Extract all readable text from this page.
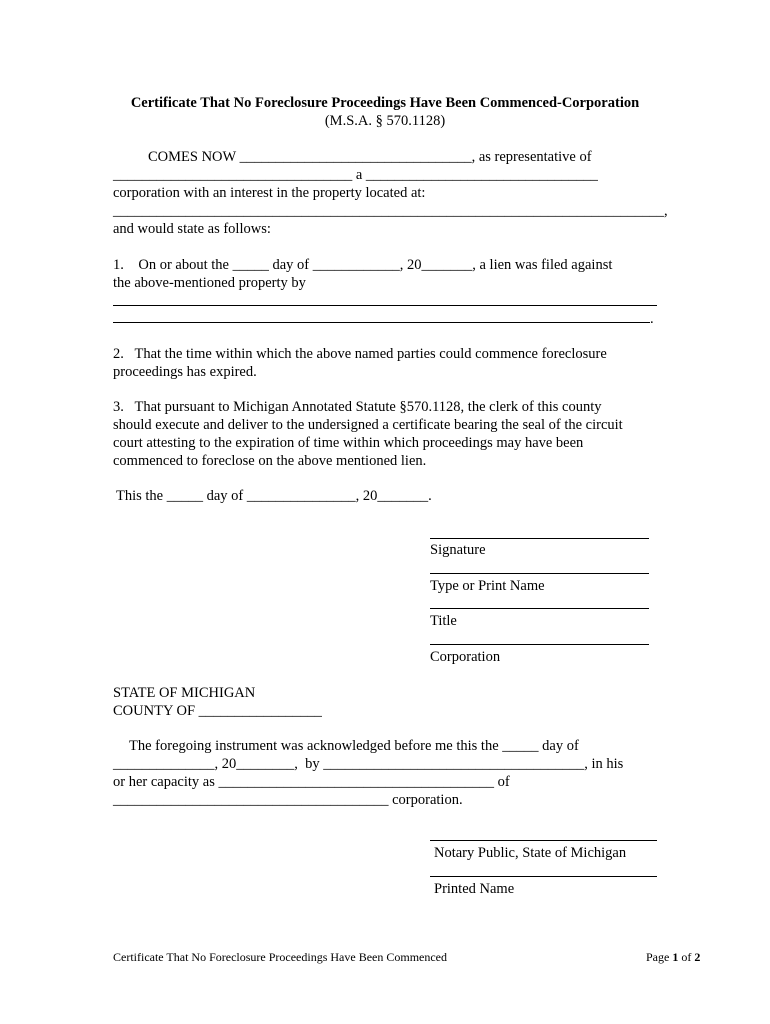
Certificate That No Foreclosure Proceedings Have Been Commenced-Corporation
(M.S.A. § 570.1128)
COMES NOW ________________________________, as representative of
_________________________________ a ________________________________
corporation with an interest in the property located at:
____________________________________________________________________________,
and would state as follows:
1.    On or about the _____ day of ____________, 20_______, a lien was filed against
the above-mentioned property by
.
2.   That the time within which the above named parties could commence foreclosure
proceedings has expired.
3.   That pursuant to Michigan Annotated Statute §570.1128, the clerk of this county
should execute and deliver to the undersigned a certificate bearing the seal of the circuit
court attesting to the expiration of time within which proceedings may have been
commenced to foreclose on the above mentioned lien.
This the _____ day of _______________, 20_______.
Signature
Type or Print Name
Title
Corporation
STATE OF MICHIGAN
COUNTY OF _________________
The foregoing instrument was acknowledged before me this the _____ day of
______________, 20________,  by ____________________________________, in his
or her capacity as ______________________________________ of
______________________________________ corporation.
Notary Public, State of Michigan
Printed Name
Certificate That No Foreclosure Proceedings Have Been Commenced	Page 1 of 2
